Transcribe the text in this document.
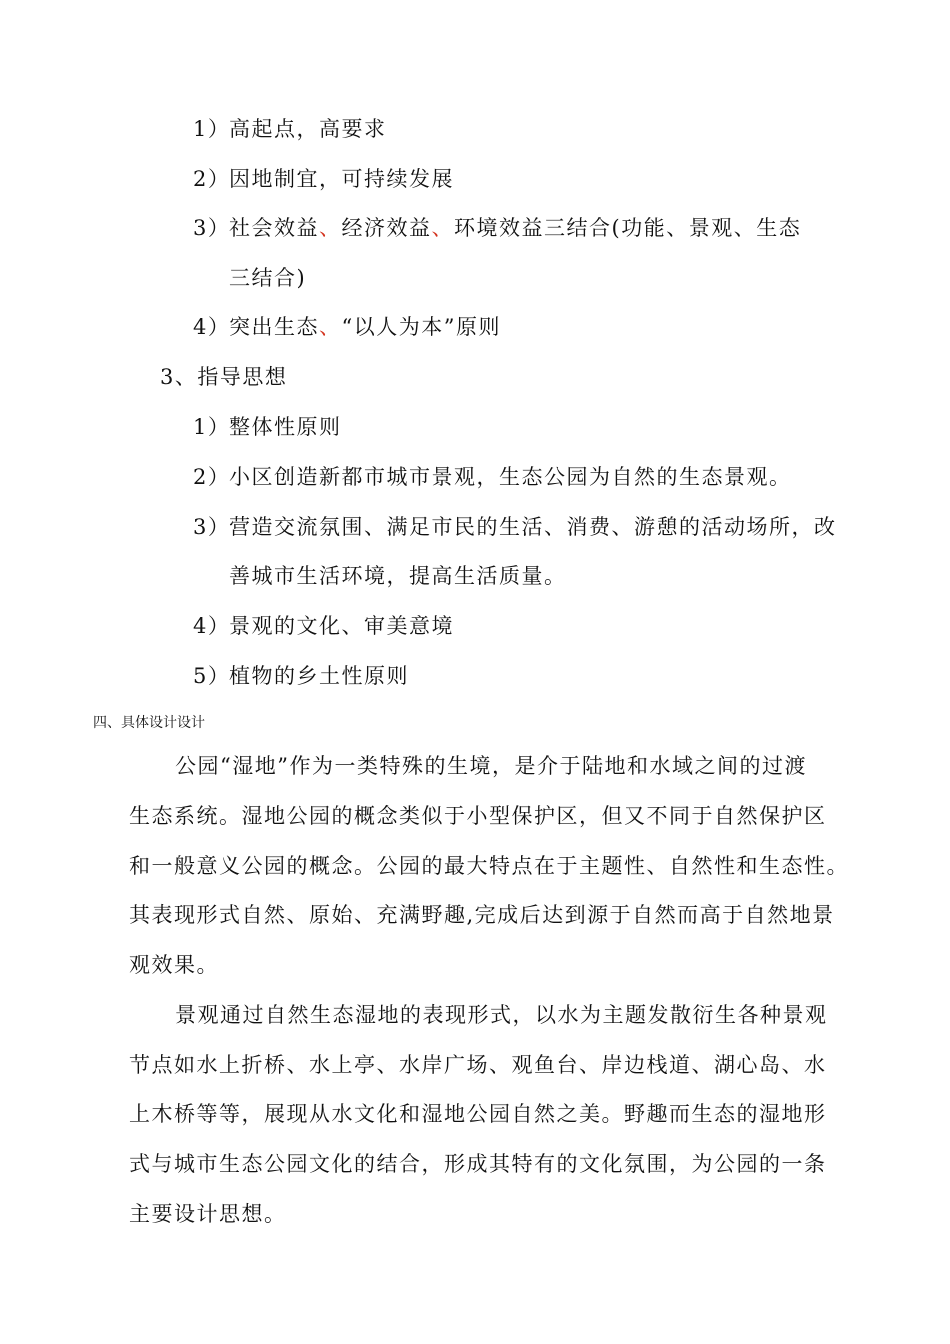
1）高起点，高要求
2）因地制宜，可持续发展
3）社会效益、经济效益、环境效益三结合(功能、景观、生态
三结合)
4）突出生态、“以人为本”原则
3、指导思想
1）整体性原则
2）小区创造新都市城市景观，生态公园为自然的生态景观。
3）营造交流氛围、满足市民的生活、消费、游憩的活动场所，改
善城市生活环境，提高生活质量。
4）景观的文化、审美意境
5）植物的乡土性原则
四、具体设计设计
公园“湿地”作为一类特殊的生境，是介于陆地和水域之间的过渡
生态系统。湿地公园的概念类似于小型保护区，但又不同于自然保护区
和一般意义公园的概念。公园的最大特点在于主题性、自然性和生态性。
其表现形式自然、原始、充满野趣,完成后达到源于自然而高于自然地景
观效果。
景观通过自然生态湿地的表现形式，以水为主题发散衍生各种景观
节点如水上折桥、水上亭、水岸广场、观鱼台、岸边栈道、湖心岛、水
上木桥等等，展现从水文化和湿地公园自然之美。野趣而生态的湿地形
式与城市生态公园文化的结合，形成其特有的文化氛围，为公园的一条
主要设计思想。
